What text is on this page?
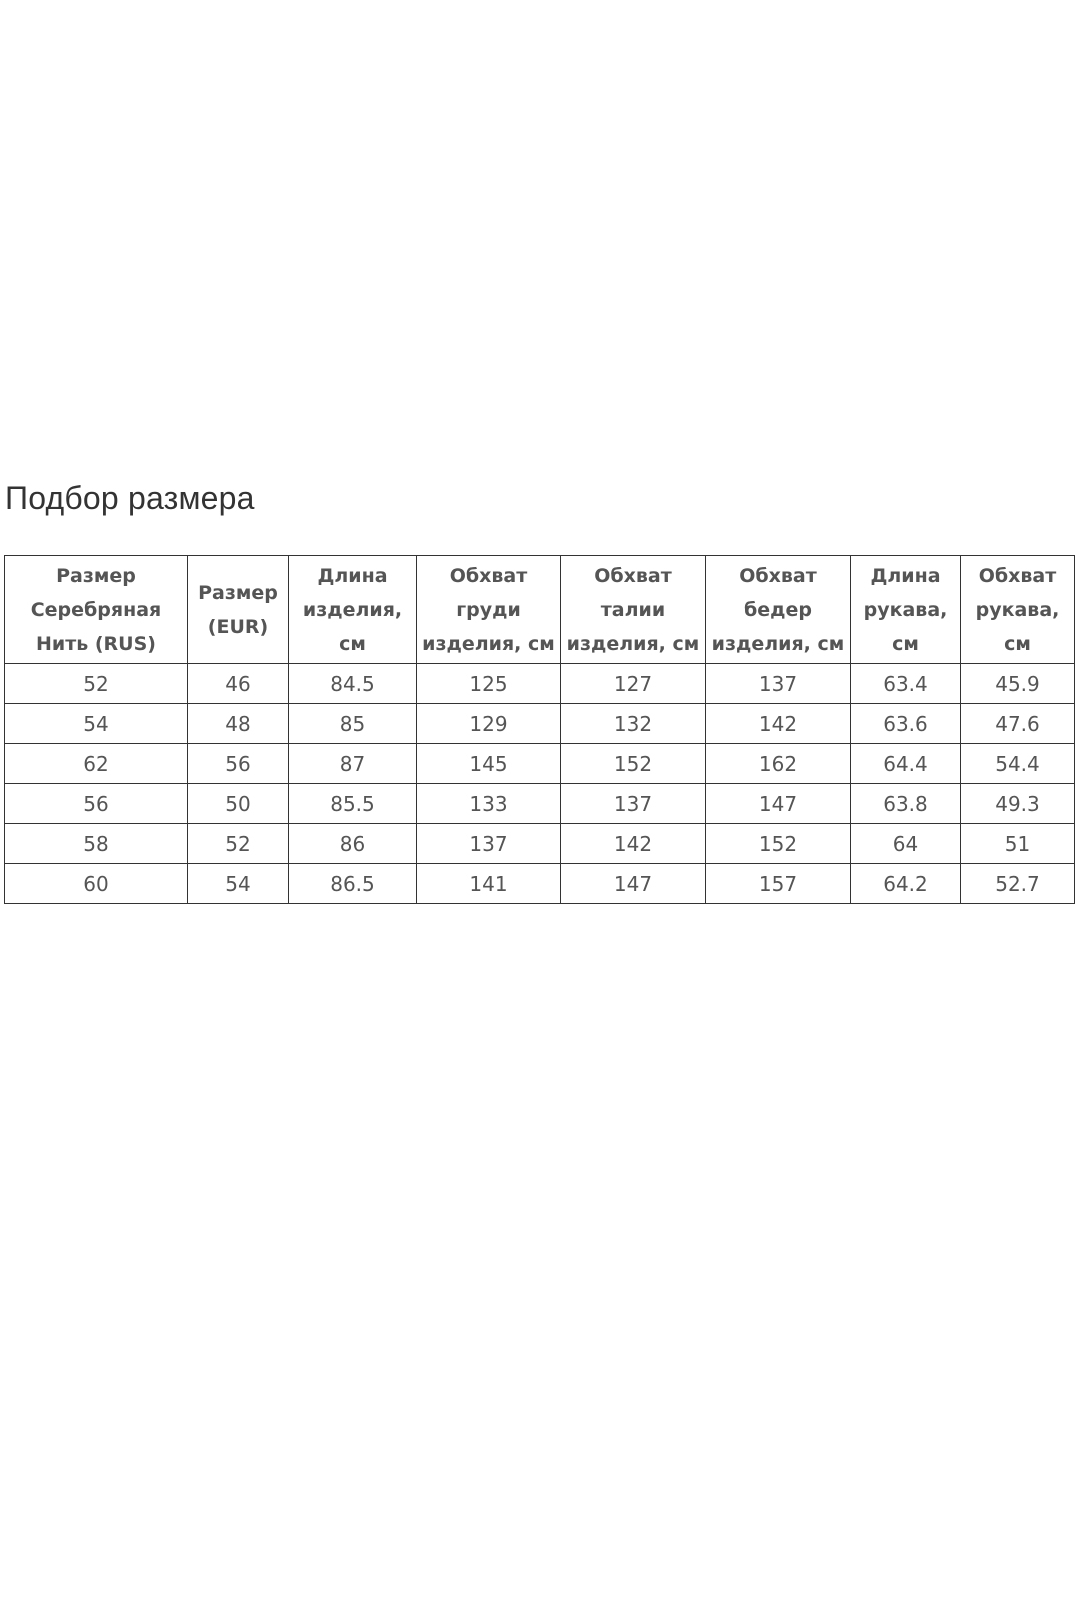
Подбор размера
Размер
Серебряная
Нить (RUS)	Размер
(EUR)	Длина
изделия,
см	Обхват
груди
изделия, см	Обхват
талии
изделия, см	Обхват
бедер
изделия, см	Длина
рукава,
см	Обхват
рукава,
см
52	46	84.5	125	127	137	63.4	45.9
54	48	85	129	132	142	63.6	47.6
62	56	87	145	152	162	64.4	54.4
56	50	85.5	133	137	147	63.8	49.3
58	52	86	137	142	152	64	51
60	54	86.5	141	147	157	64.2	52.7
